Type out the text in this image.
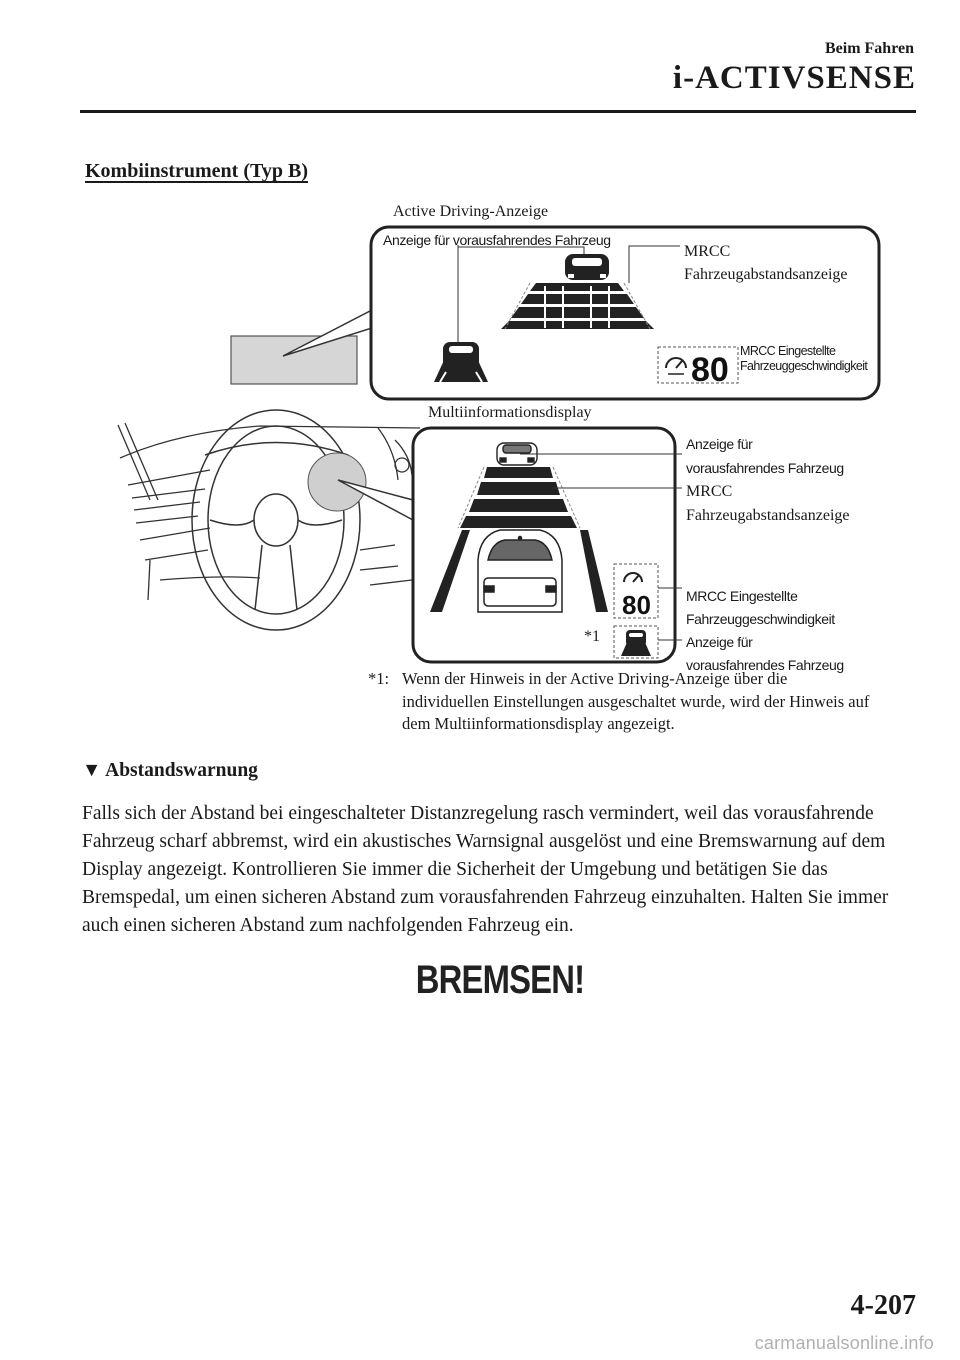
Beim Fahren
i-ACTIVSENSE
Kombiinstrument (Typ B)
80
80
Active Driving-Anzeige
Anzeige für vorausfahrendes Fahrzeug
MRCC
Fahrzeugabstandsanzeige
MRCC Eingestellte
Fahrzeuggeschwindigkeit
Multiinformationsdisplay
Anzeige für
vorausfahrendes Fahrzeug
MRCC
Fahrzeugabstandsanzeige
MRCC Eingestellte
Fahrzeuggeschwindigkeit
Anzeige für
vorausfahrendes Fahrzeug
*1
*1: Wenn der Hinweis in der Active Driving-Anzeige über die individuellen Einstellungen ausgeschaltet wurde, wird der Hinweis auf dem Multiinformationsdisplay angezeigt.
▼ Abstandswarnung
Falls sich der Abstand bei eingeschalteter Distanzregelung rasch vermindert, weil das vorausfahrende Fahrzeug scharf abbremst, wird ein akustisches Warnsignal ausgelöst und eine Bremswarnung auf dem Display angezeigt. Kontrollieren Sie immer die Sicherheit der Umgebung und betätigen Sie das Bremspedal, um einen sicheren Abstand zum vorausfahrenden Fahrzeug einzuhalten. Halten Sie immer auch einen sicheren Abstand zum nachfolgenden Fahrzeug ein.
BREMSEN!
4-207
carmanualsonline.info
